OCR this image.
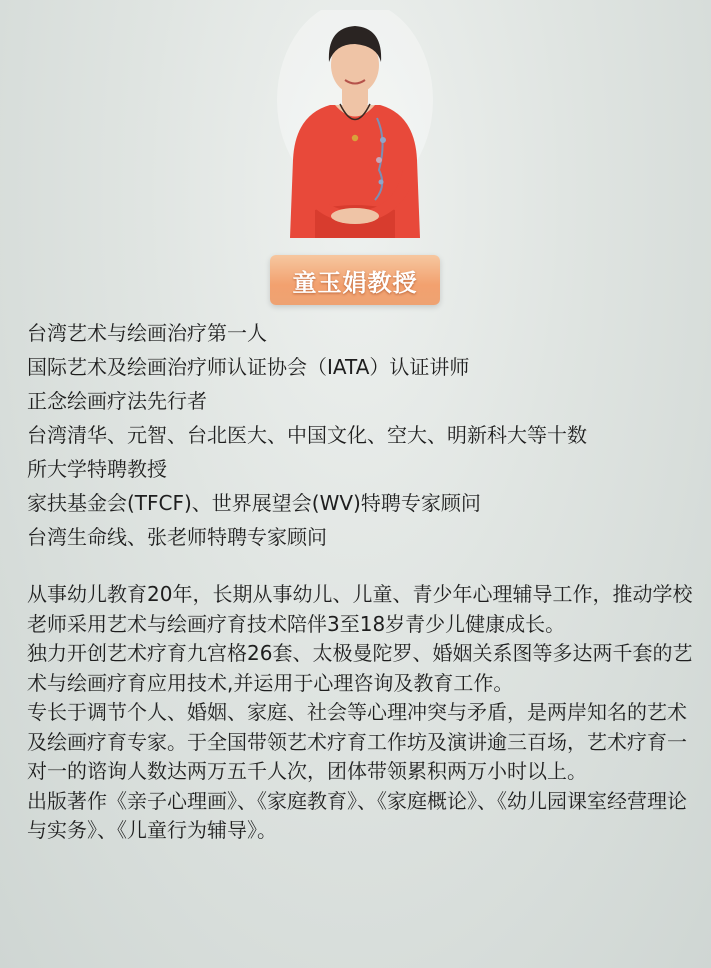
童玉娟教授
台湾艺术与绘画治疗第一人
国际艺术及绘画治疗师认证协会（IATA）认证讲师
正念绘画疗法先行者
台湾清华、元智、台北医大、中国文化、空大、明新科大等十数
所大学特聘教授
家扶基金会(TFCF)、世界展望会(WV)特聘专家顾问
台湾生命线、张老师特聘专家顾问
从事幼儿教育20年，长期从事幼儿、儿童、青少年心理辅导工作，推动学校老师采用艺术与绘画疗育技术陪伴3至18岁青少儿健康成长。
独力开创艺术疗育九宫格26套、太极曼陀罗、婚姻关系图等多达两千套的艺术与绘画疗育应用技术,并运用于心理咨询及教育工作。
专长于调节个人、婚姻、家庭、社会等心理冲突与矛盾，是两岸知名的艺术及绘画疗育专家。于全国带领艺术疗育工作坊及演讲逾三百场，艺术疗育一对一的谘询人数达两万五千人次，团体带领累积两万小时以上。
出版著作《亲子心理画》、《家庭教育》、《家庭概论》、《幼儿园课室经营理论与实务》、《儿童行为辅导》。
